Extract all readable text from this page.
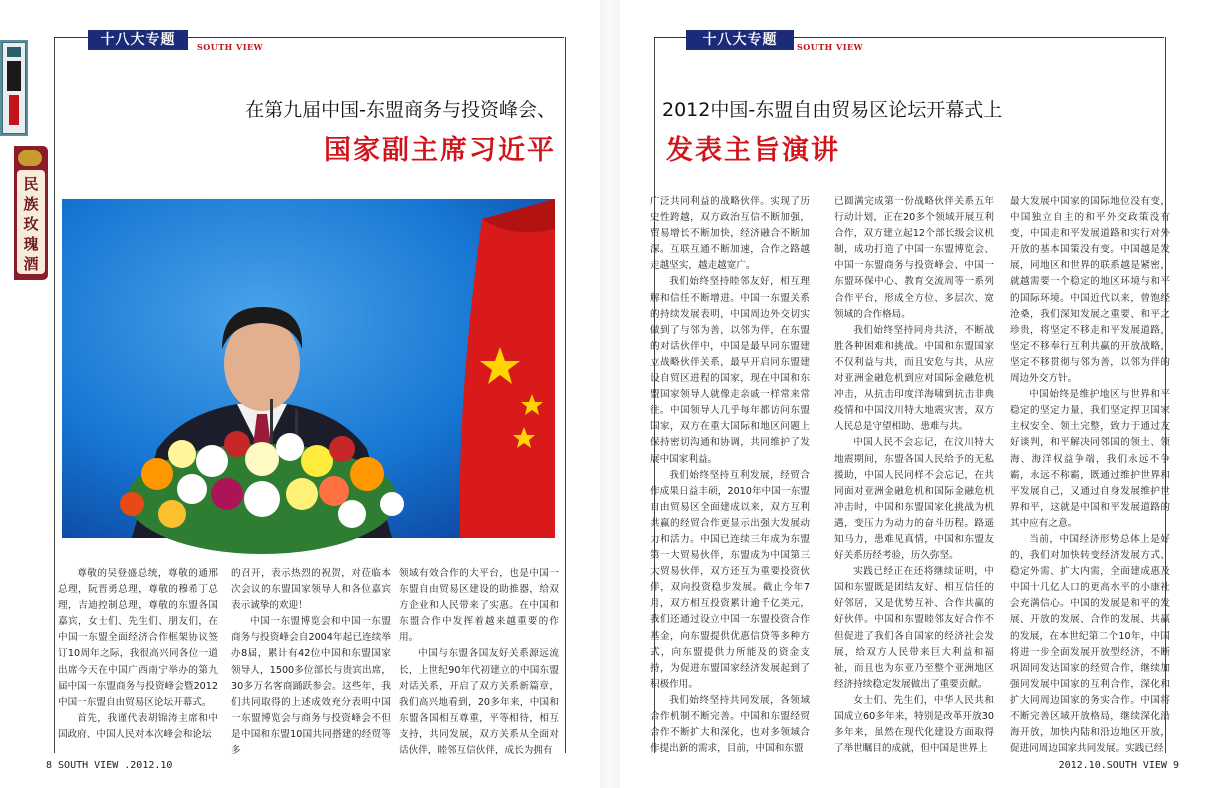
十八大专题	SOUTH VIEW
在第九届中国-东盟商务与投资峰会、
国家副主席习近平

尊敬的吴登盛总统，尊敬的通邢总理，阮晋勇总理，尊敬的穆希丁总理，吉迪控制总理，尊敬的东盟各国嘉宾，女士们、先生们、朋友们，在中国一东盟全面经济合作框架协议签订10周年之际，我很高兴同各位一道出席今天在中国广西南宁举办的第九届中国一东盟商务与投资峰会暨2012中国一东盟自由贸易区论坛开幕式。

首先，我谨代表胡锦涛主席和中国政府、中国人民对本次峰会和论坛

的召开，表示热烈的祝贺，对莅临本次会议的东盟国家领导人和各位嘉宾表示诚挚的欢迎！

中国一东盟博览会和中国一东盟商务与投资峰会自2004年起已连续举办8届，累计有42位中国和东盟国家领导人，1500多位部长与贵宾出席，30多万名客商踊跃参会。这些年，我们共同取得的上述成效充分表明中国一东盟博览会与商务与投资峰会不但是中国和东盟10国共同搭建的经贸等多

领域有效合作的大平台，也是中国一东盟自由贸易区建设的助推器，给双方企业和人民带来了实惠。在中国和东盟合作中发挥着越来越重要的作用。

中国与东盟各国友好关系源远流长，上世纪90年代初建立的中国东盟对话关系，开启了双方关系新篇章，我们高兴地看到，20多年来，中国和东盟各国相互尊重，平等相待，相互支持，共同发展，双方关系从全面对话伙伴，睦邻互信伙伴，成长为拥有

8 SOUTH VIEW .2012.10
民
族
玫
瑰
酒
十八大专题	SOUTH VIEW
2012中国-东盟自由贸易区论坛开幕式上
发表主旨演讲

广泛共同利益的战略伙伴。实现了历史性跨越，双方政治互信不断加强，贸易增长不断加快，经济融合不断加深。互联互通不断加速，合作之路越走越坚实，越走越宽广。

我们始终坚持睦邻友好，相互理解和信任不断增进。中国一东盟关系的持续发展表明，中国周边外交切实做到了与邻为善，以邻为伴，在东盟的对话伙伴中，中国是最早同东盟建立战略伙伴关系，最早开启同东盟建设自贸区进程的国家，现在中国和东盟国家领导人就像走亲戚一样常来常往。中国领导人几乎每年都访问东盟国家，双方在重大国际和地区问题上保持密切沟通和协调，共同维护了发展中国家利益。

我们始终坚持互利发展，经贸合作成果日益丰硕，2010年中国一东盟自由贸易区全面建成以来，双方互利共赢的经贸合作更显示出强大发展动力和活力。中国已连续三年成为东盟第一大贸易伙伴，东盟成为中国第三大贸易伙伴，双方还互为重要投资伙伴，双向投资稳步发展。截止今年7月，双方相互投资累计逾千亿美元，我们还通过设立中国一东盟投资合作基金，向东盟提供优惠信贷等多种方式，向东盟提供力所能及的资金支持，为促进东盟国家经济发展起到了积极作用。

我们始终坚持共同发展，各领域合作机制不断完善。中国和东盟经贸合作不断扩大和深化，也对多领域合作提出新的需求，目前，中国和东盟

已圆满完成第一份战略伙伴关系五年行动计划，正在20多个领域开展互利合作，双方建立起12个部长级会议机制，成功打造了中国一东盟博览会、中国一东盟商务与投资峰会、中国一东盟环保中心、教育交流周等一系列合作平台，形成全方位、多层次、宽领域的合作格局。

我们始终坚持同舟共济，不断战胜各种困难和挑战。中国和东盟国家不仅利益与共，而且安危与共，从应对亚洲金融危机到应对国际金融危机冲击，从抗击印度洋海啸到抗击非典疫情和中国汶川特大地震灾害，双方人民总是守望相助、患难与共。

中国人民不会忘记，在汶川特大地震期间，东盟各国人民给予的无私援助，中国人民同样不会忘记，在共同面对亚洲金融危机和国际金融危机冲击时，中国和东盟国家化挑战为机遇，变压力为动力的奋斗历程。路遥知马力，患难见真情，中国和东盟友好关系历经考验，历久弥坚。

实践已经正在还将继续证明，中国和东盟既是团结友好、相互信任的好邻居，又是优势互补、合作共赢的好伙伴。中国和东盟睦邻友好合作不但促进了我们各自国家的经济社会发展，给双方人民带来巨大利益和福祉，而且也为东亚乃至整个亚洲地区经济持续稳定发展做出了重要贡献。

女士们、先生们，中华人民共和国成立60多年来，特别是改革开放30多年来，虽然在现代化建设方面取得了举世瞩目的成就，但中国是世界上

最大发展中国家的国际地位没有变，中国独立自主的和平外交政策没有变，中国走和平发展道路和实行对外开放的基本国策没有变。中国越是发展，同地区和世界的联系越是紧密，就越需要一个稳定的地区环境与和平的国际环境。中国近代以来，曾饱经沧桑，我们深知发展之重要、和平之珍贵，将坚定不移走和平发展道路，坚定不移奉行互利共赢的开放战略，坚定不移贯彻与邻为善，以邻为伴的周边外交方针。

中国始终是维护地区与世界和平稳定的坚定力量，我们坚定捍卫国家主权安全、领土完整，致力于通过友好谈判，和平解决同邻国的领土、领海、海洋权益争端，我们永远不争霸，永远不称霸，既通过维护世界和平发展自己，又通过自身发展维护世界和平，这就是中国和平发展道路的其中应有之意。

当前，中国经济形势总体上是好的，我们对加快转变经济发展方式、稳定外需、扩大内需，全面建成惠及中国十几亿人口的更高水平的小康社会充满信心。中国的发展是和平的发展、开放的发展、合作的发展、共赢的发展，在本世纪第二个10年，中国将进一步全面发展开放型经济，不断巩固同发达国家的经贸合作，继续加强同发展中国家的互利合作，深化和扩大同周边国家的务实合作。中国将不断完善区域开放格局，继续深化沿海开放，加快内陆和沿边地区开放，促进同周边国家共同发展。实践已经

2012.10.SOUTH VIEW 9
